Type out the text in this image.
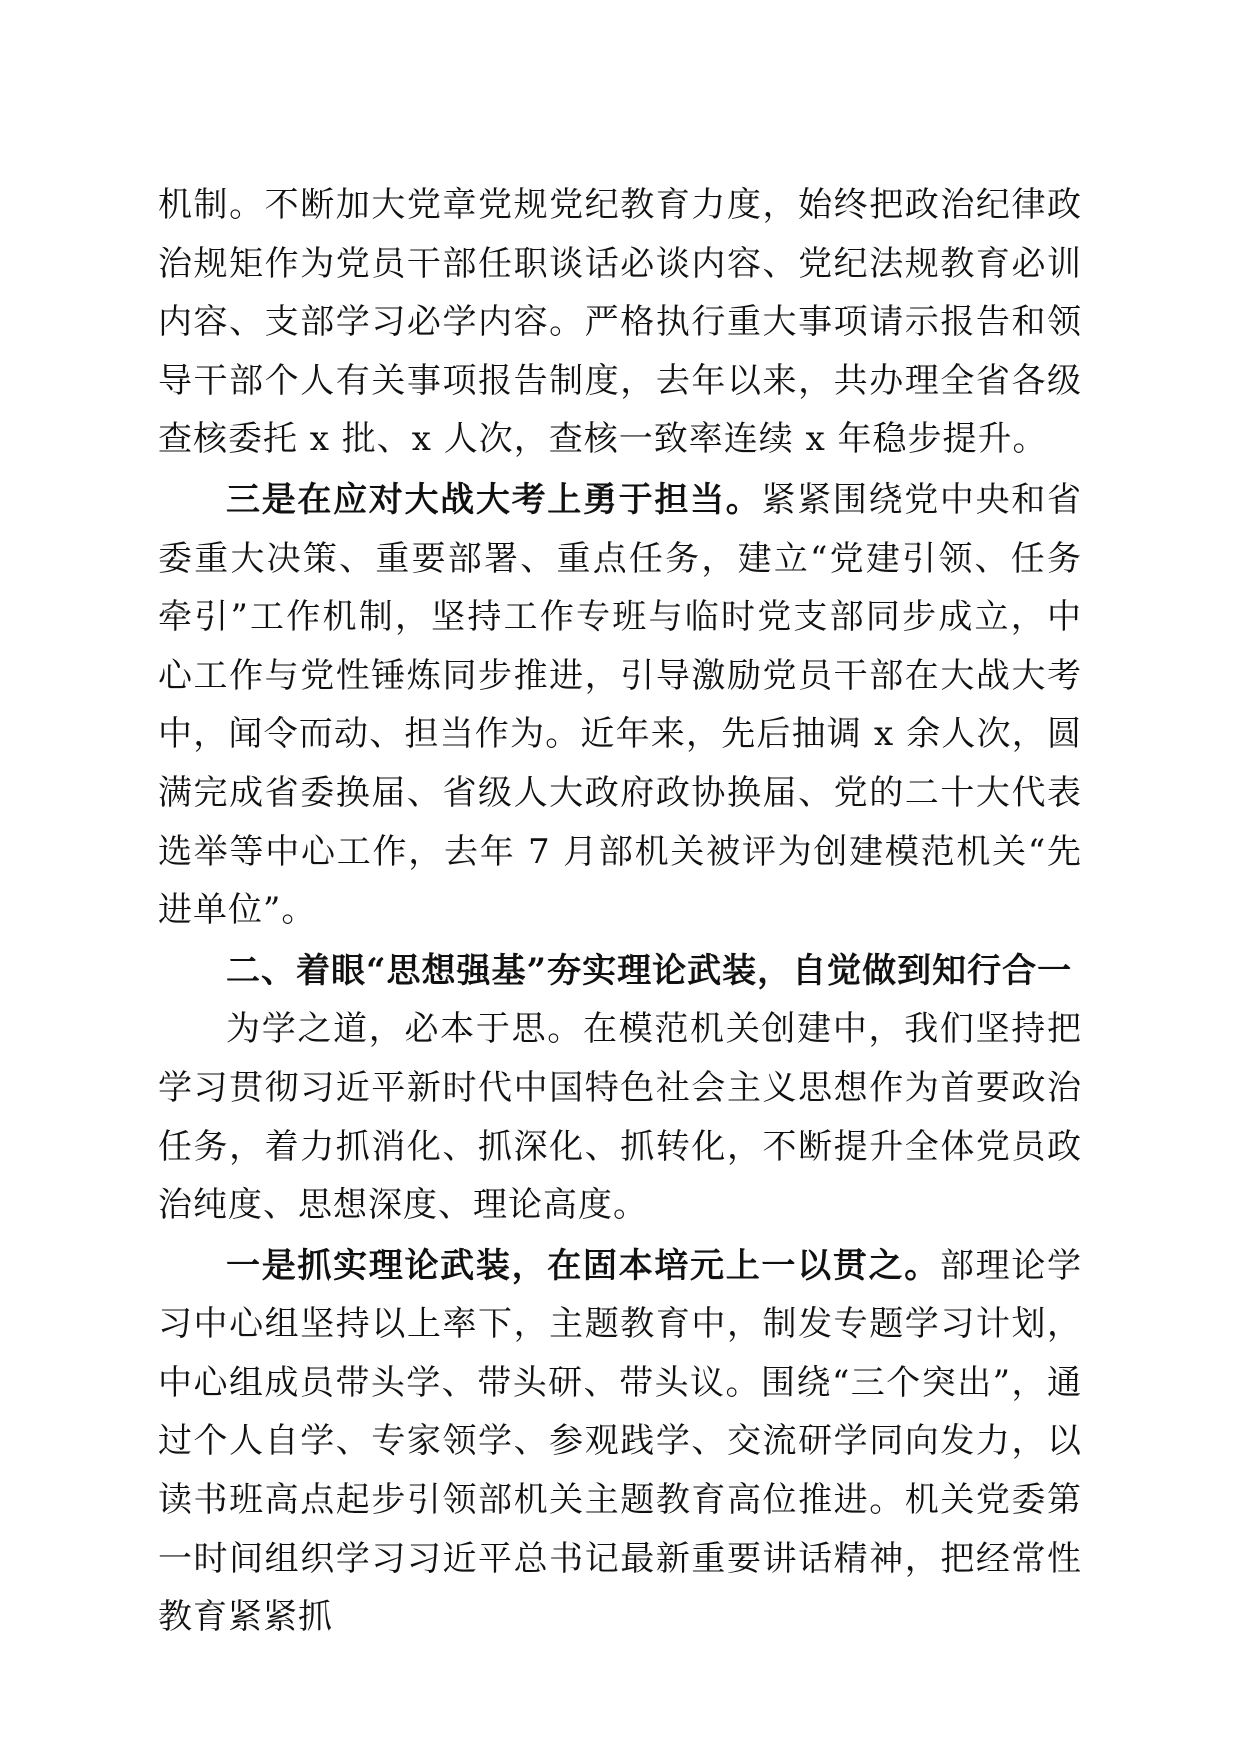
机制。不断加大党章党规党纪教育力度，始终把政治纪律政治规矩作为党员干部任职谈话必谈内容、党纪法规教育必训内容、支部学习必学内容。严格执行重大事项请示报告和领导干部个人有关事项报告制度，去年以来，共办理全省各级查核委托 x 批、x 人次，查核一致率连续 x 年稳步提升。

三是在应对大战大考上勇于担当。紧紧围绕党中央和省委重大决策、重要部署、重点任务，建立“党建引领、任务牵引”工作机制，坚持工作专班与临时党支部同步成立，中心工作与党性锤炼同步推进，引导激励党员干部在大战大考中，闻令而动、担当作为。近年来，先后抽调 x 余人次，圆满完成省委换届、省级人大政府政协换届、党的二十大代表选举等中心工作，去年 7 月部机关被评为创建模范机关“先进单位”。

二、着眼“思想强基”夯实理论武装，自觉做到知行合一

为学之道，必本于思。在模范机关创建中，我们坚持把学习贯彻习近平新时代中国特色社会主义思想作为首要政治任务，着力抓消化、抓深化、抓转化，不断提升全体党员政治纯度、思想深度、理论高度。

一是抓实理论武装，在固本培元上一以贯之。部理论学习中心组坚持以上率下，主题教育中，制发专题学习计划，中心组成员带头学、带头研、带头议。围绕“三个突出”，通过个人自学、专家领学、参观践学、交流研学同向发力，以读书班高点起步引领部机关主题教育高位推进。机关党委第一时间组织学习习近平总书记最新重要讲话精神，把经常性教育紧紧抓
